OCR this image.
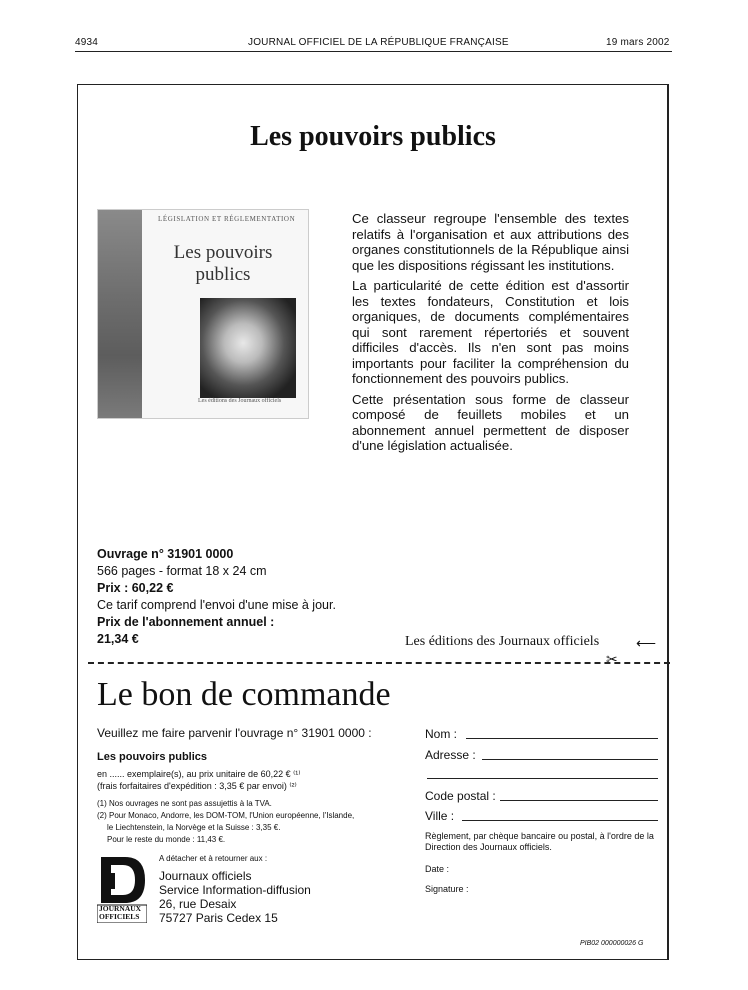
4934	JOURNAL OFFICIEL DE LA RÉPUBLIQUE FRANÇAISE	19 mars 2002
Les pouvoirs publics
LÉGISLATION ET RÉGLEMENTATION
Les pouvoirs
publics
Les éditions des Journaux officiels

Ce classeur regroupe l'ensemble des textes relatifs à l'organisation et aux attributions des organes constitutionnels de la République ainsi que les dispositions régissant les institutions.

La particularité de cette édition est d'assortir les textes fondateurs, Constitution et lois organiques, de documents complémentaires qui sont rarement répertoriés et souvent difficiles d'accès. Ils n'en sont pas moins importants pour faciliter la compréhension du fonctionnement des pouvoirs publics.

Cette présentation sous forme de classeur composé de feuillets mobiles et un abonnement annuel permettent de disposer d'une législation actualisée.

Ouvrage n° 31901 0000
566 pages - format 18 x 24 cm
Prix : 60,22 €
Ce tarif comprend l'envoi d'une mise à jour.
Prix de l'abonnement annuel :
21,34 €	Les éditions des Journaux officiels	⟵
✂
Le bon de commande
Veuillez me faire parvenir l'ouvrage n° 31901 0000 :
Les pouvoirs publics
en ...... exemplaire(s), au prix unitaire de 60,22 € ⁽¹⁾
(frais forfaitaires d'expédition : 3,35 € par envoi) ⁽²⁾
(1) Nos ouvrages ne sont pas assujettis à la TVA.
(2) Pour Monaco, Andorre, les DOM-TOM, l'Union européenne, l'Islande,
le Liechtenstein, la Norvège et la Suisse : 3,35 €.
Pour le reste du monde : 11,43 €.
A détacher et à retourner aux :
JOURNAUX
OFFICIELS
Journaux officiels
Service Information-diffusion
26, rue Desaix
75727 Paris Cedex 15
Nom :
Adresse :
Code postal :
Ville :
Règlement, par chèque bancaire ou postal, à l'ordre de la Direction des Journaux officiels.
Date :
Signature :
PIB02 000000026 G
